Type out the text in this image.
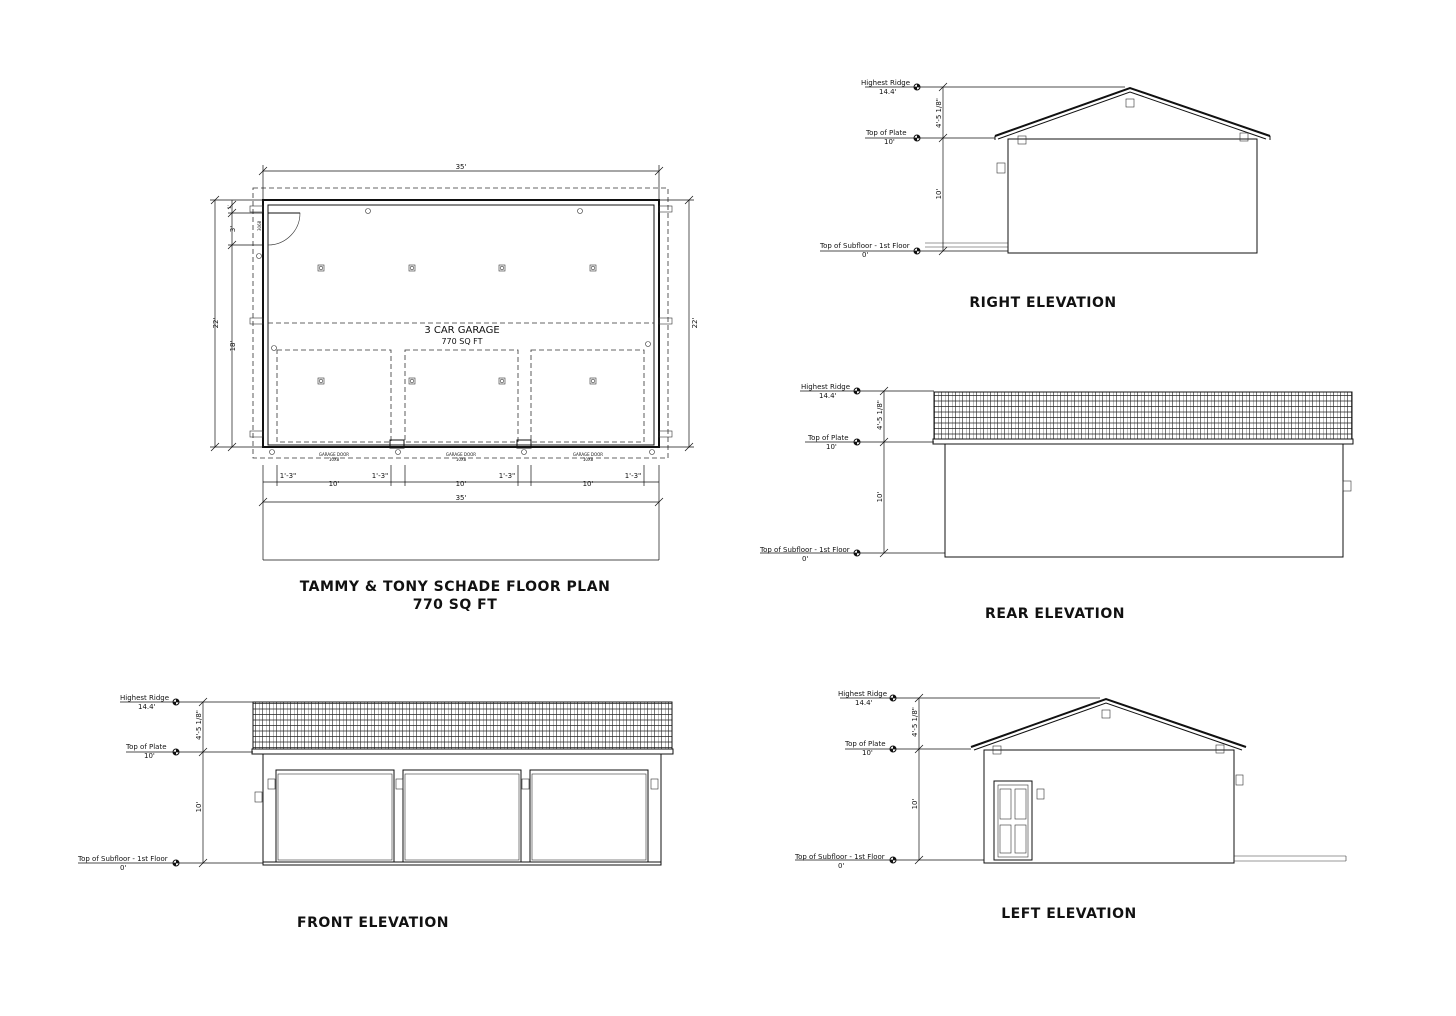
3 CAR GARAGE
770 SQ FT
3068
GARAGE DOOR
10X8
GARAGE DOOR
10X8
GARAGE DOOR
10X8
35'
22'
18'
1'
3'
22'
1'-3"
10'
1'-3"
10'
1'-3"
10'
1'-3"
35'
TAMMY & TONY SCHADE FLOOR PLAN
770 SQ FT
Highest Ridge
14.4'
Top of Plate
10'
Top of Subfloor - 1st Floor
0'
4'-5 1/8"
10'
RIGHT ELEVATION
Highest Ridge
14.4'
Top of Plate
10'
Top of Subfloor - 1st Floor
0'
4'-5 1/8"
10'
REAR ELEVATION
Highest Ridge
14.4'
Top of Plate
10'
Top of Subfloor - 1st Floor
0'
4'-5 1/8"
10'
FRONT ELEVATION
Highest Ridge
14.4'
Top of Plate
10'
Top of Subfloor - 1st Floor
0'
4'-5 1/8"
10'
LEFT ELEVATION
